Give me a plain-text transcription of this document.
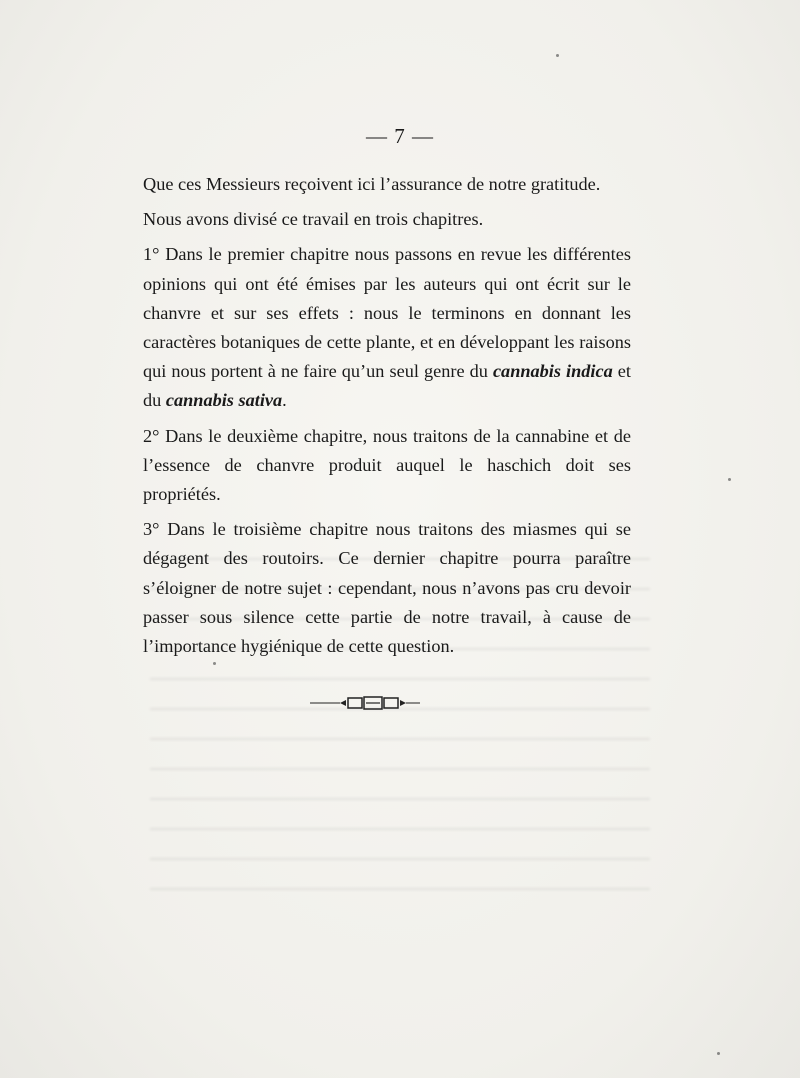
— 7 —

Que ces Messieurs reçoivent ici l’assurance de notre gratitude.

Nous avons divisé ce travail en trois chapitres.

1° Dans le premier chapitre nous passons en revue les différentes opinions qui ont été émises par les auteurs qui ont écrit sur le chanvre et sur ses effets : nous le terminons en donnant les caractères botaniques de cette plante, et en développant les raisons qui nous portent à ne faire qu’un seul genre du cannabis indica et du cannabis sativa.

2° Dans le deuxième chapitre, nous traitons de la cannabine et de l’essence de chanvre produit auquel le haschich doit ses propriétés.

3° Dans le troisième chapitre nous traitons des miasmes qui se dégagent des routoirs. Ce dernier chapitre pourra paraître s’éloigner de notre sujet : cependant, nous n’avons pas cru devoir passer sous silence cette partie de notre travail, à cause de l’importance hygiénique de cette question.
